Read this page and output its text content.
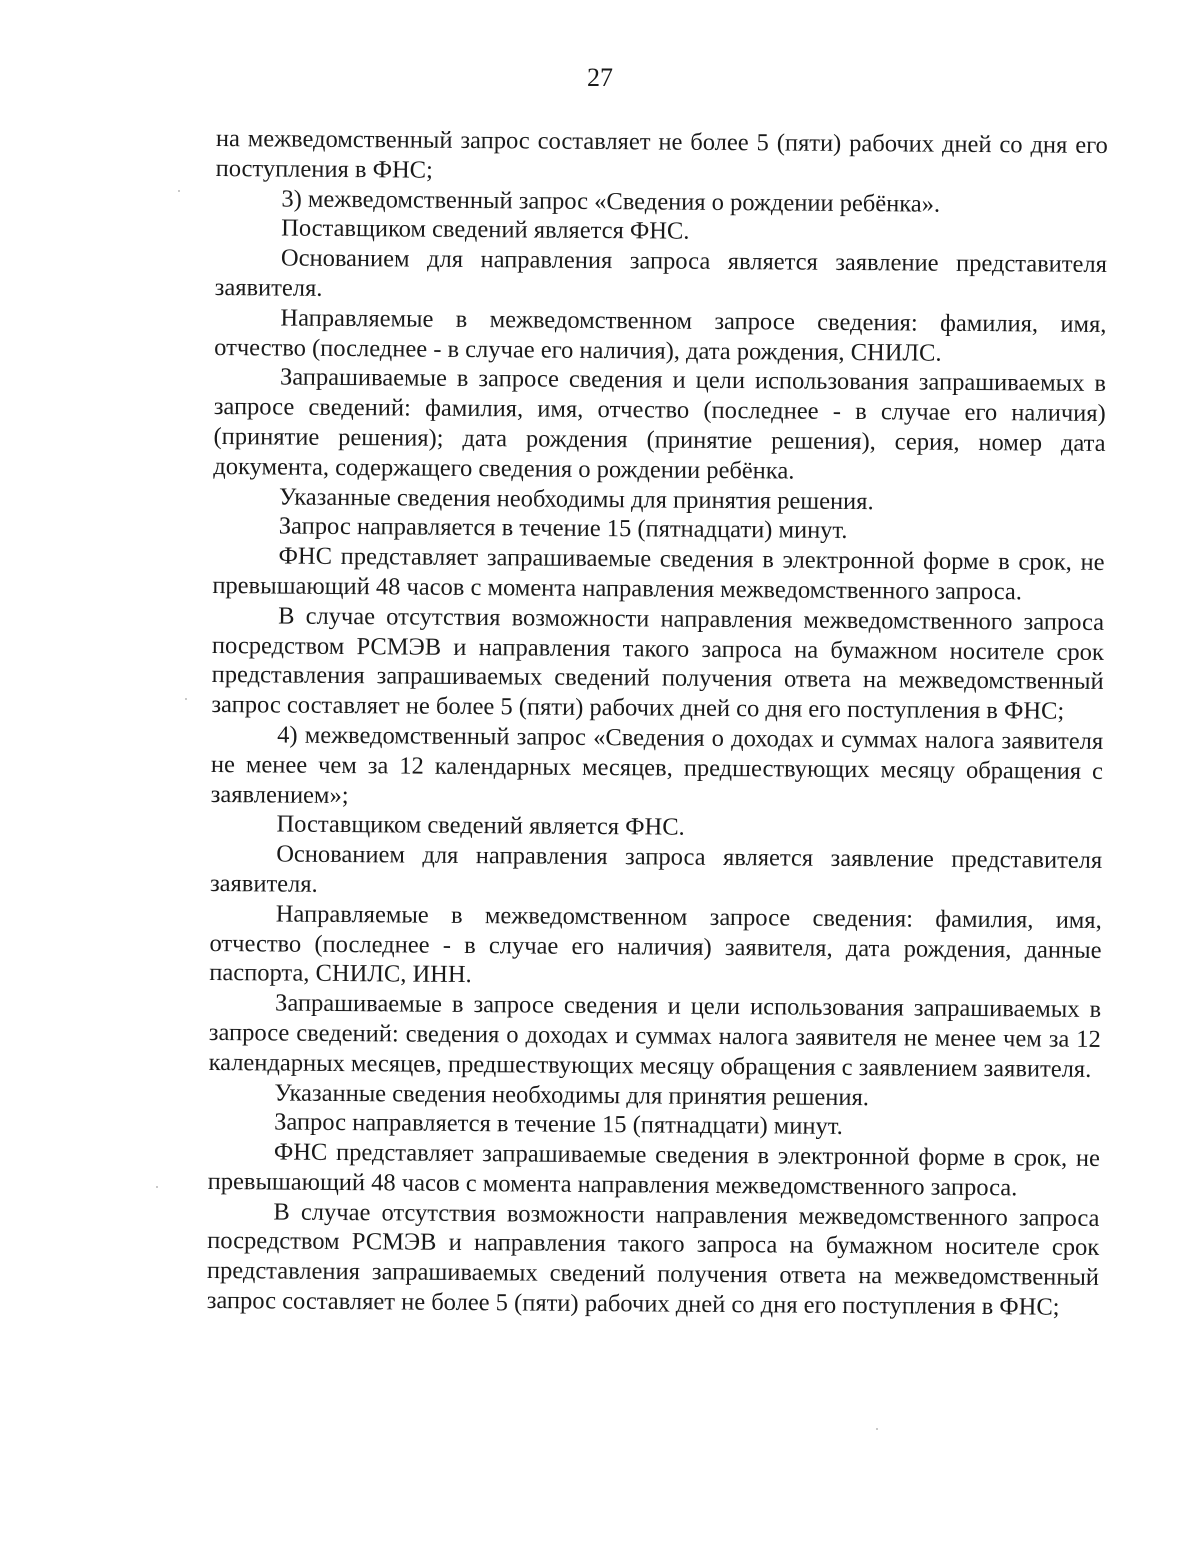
27

на межведомственный запрос составляет не более 5 (пяти) рабочих дней со дня его поступления в ФНС;

3) межведомственный запрос «Сведения о рождении ребёнка».

Поставщиком сведений является ФНС.

Основанием для направления запроса является заявление представителя заявителя.

Направляемые в межведомственном запросе сведения: фамилия, имя, отчество (последнее - в случае его наличия), дата рождения, СНИЛС.

Запрашиваемые в запросе сведения и цели использования запрашиваемых в запросе сведений: фамилия, имя, отчество (последнее - в случае его наличия) (принятие решения); дата рождения (принятие решения), серия, номер дата документа, содержащего сведения о рождении ребёнка.

Указанные сведения необходимы для принятия решения.

Запрос направляется в течение 15 (пятнадцати) минут.

ФНС представляет запрашиваемые сведения в электронной форме в срок, не превышающий 48 часов с момента направления межведомственного запроса.

В случае отсутствия возможности направления межведомственного запроса посредством РСМЭВ и направления такого запроса на бумажном носителе срок представления запрашиваемых сведений получения ответа на межведомственный запрос составляет не более 5 (пяти) рабочих дней со дня его поступления в ФНС;

4) межведомственный запрос «Сведения о доходах и суммах налога заявителя не менее чем за 12 календарных месяцев, предшествующих месяцу обращения с заявлением»;

Поставщиком сведений является ФНС.

Основанием для направления запроса является заявление представителя заявителя.

Направляемые в межведомственном запросе сведения: фамилия, имя, отчество (последнее - в случае его наличия) заявителя, дата рождения, данные паспорта, СНИЛС, ИНН.

Запрашиваемые в запросе сведения и цели использования запрашиваемых в запросе сведений: сведения о доходах и суммах налога заявителя не менее чем за 12 календарных месяцев, предшествующих месяцу обращения с заявлением заявителя.

Указанные сведения необходимы для принятия решения.

Запрос направляется в течение 15 (пятнадцати) минут.

ФНС представляет запрашиваемые сведения в электронной форме в срок, не превышающий 48 часов с момента направления межведомственного запроса.

В случае отсутствия возможности направления межведомственного запроса посредством РСМЭВ и направления такого запроса на бумажном носителе срок представления запрашиваемых сведений получения ответа на межведомственный запрос составляет не более 5 (пяти) рабочих дней со дня его поступления в ФНС;
